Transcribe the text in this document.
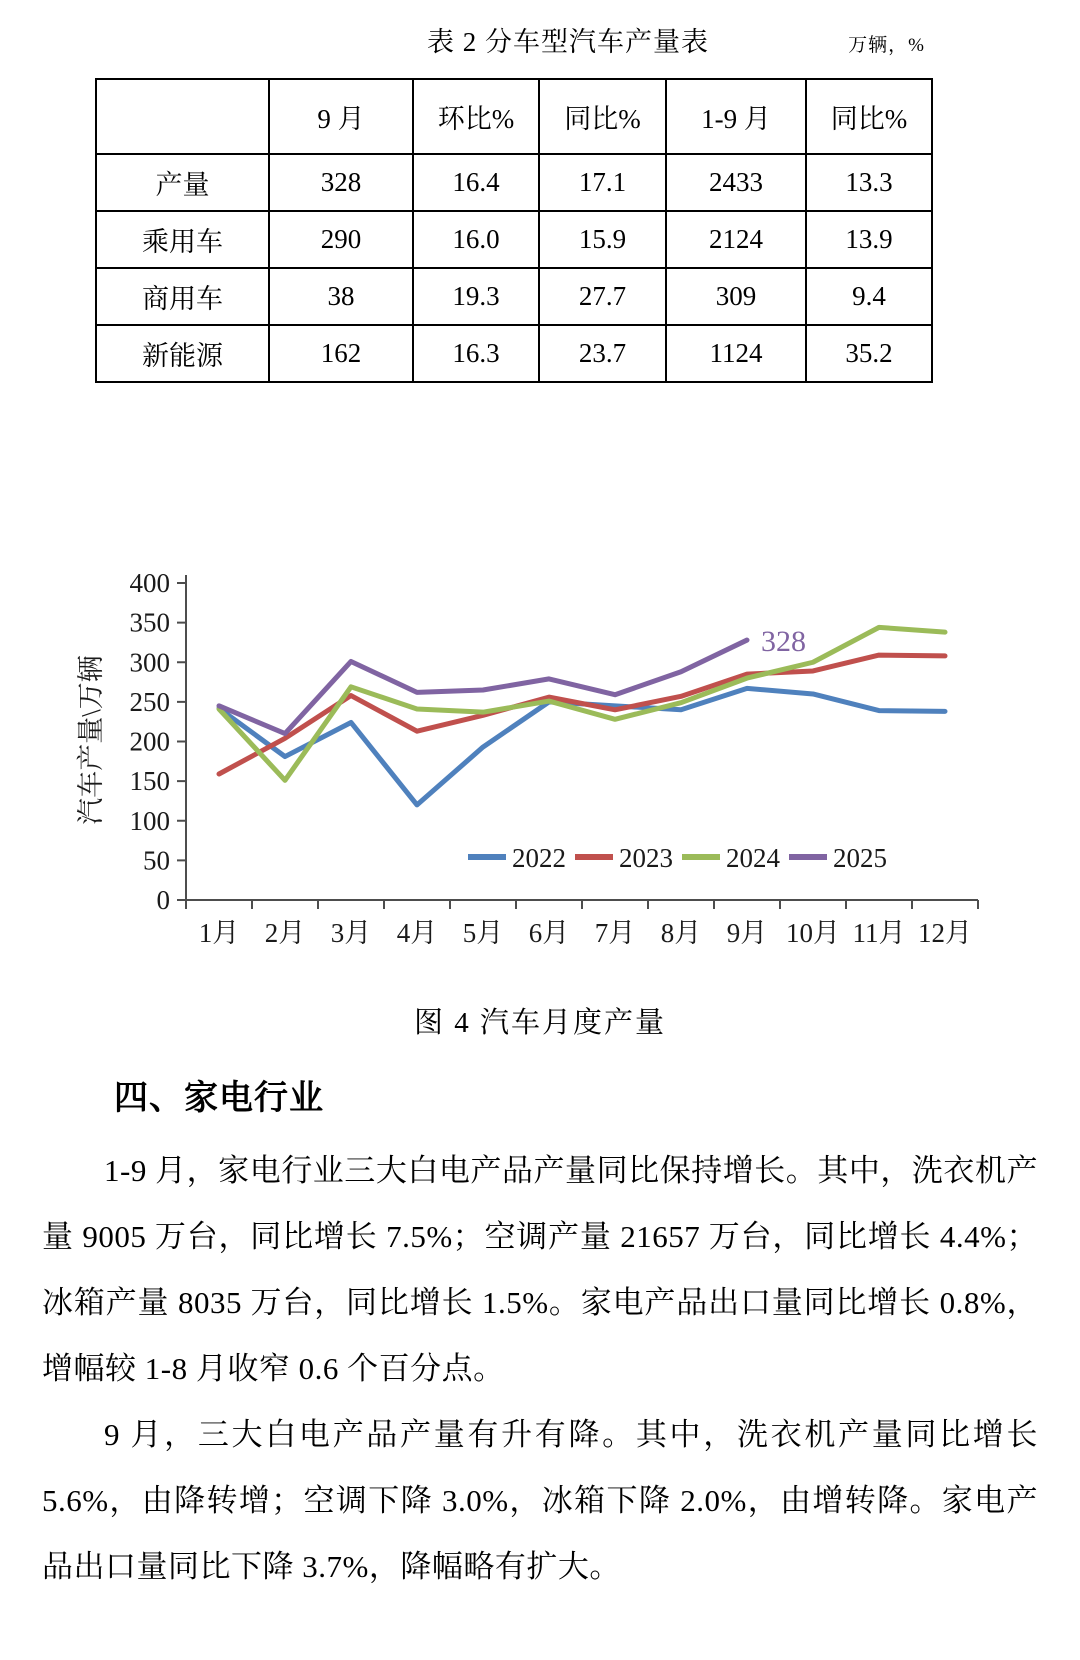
表 2 分车型汽车产量表	万辆，%
	9 月	环比%	同比%	1-9 月	同比%
产量	328	16.4	17.1	2433	13.3
乘用车	290	16.0	15.9	2124	13.9
商用车	38	19.3	27.7	309	9.4
新能源	162	16.3	23.7	1124	35.2
0
50
100
150
200
250
300
350
400
1月 2月 3月 4月 5月 6月 7月 8月 9月 10月 11月 12月
汽车产量\万辆
2022 2023 2024 2025
328
图 4 汽车月度产量
四、家电行业

1-9 月，家电行业三大白电产品产量同比保持增长。其中，洗衣机产量 9005 万台，同比增长 7.5%；空调产量 21657 万台，同比增长 4.4%；冰箱产量 8035 万台，同比增长 1.5%。家电产品出口量同比增长 0.8%，增幅较 1-8 月收窄 0.6 个百分点。

9 月，三大白电产品产量有升有降。其中，洗衣机产量同比增长 5.6%，由降转增；空调下降 3.0%，冰箱下降 2.0%，由增转降。家电产品出口量同比下降 3.7%，降幅略有扩大。
